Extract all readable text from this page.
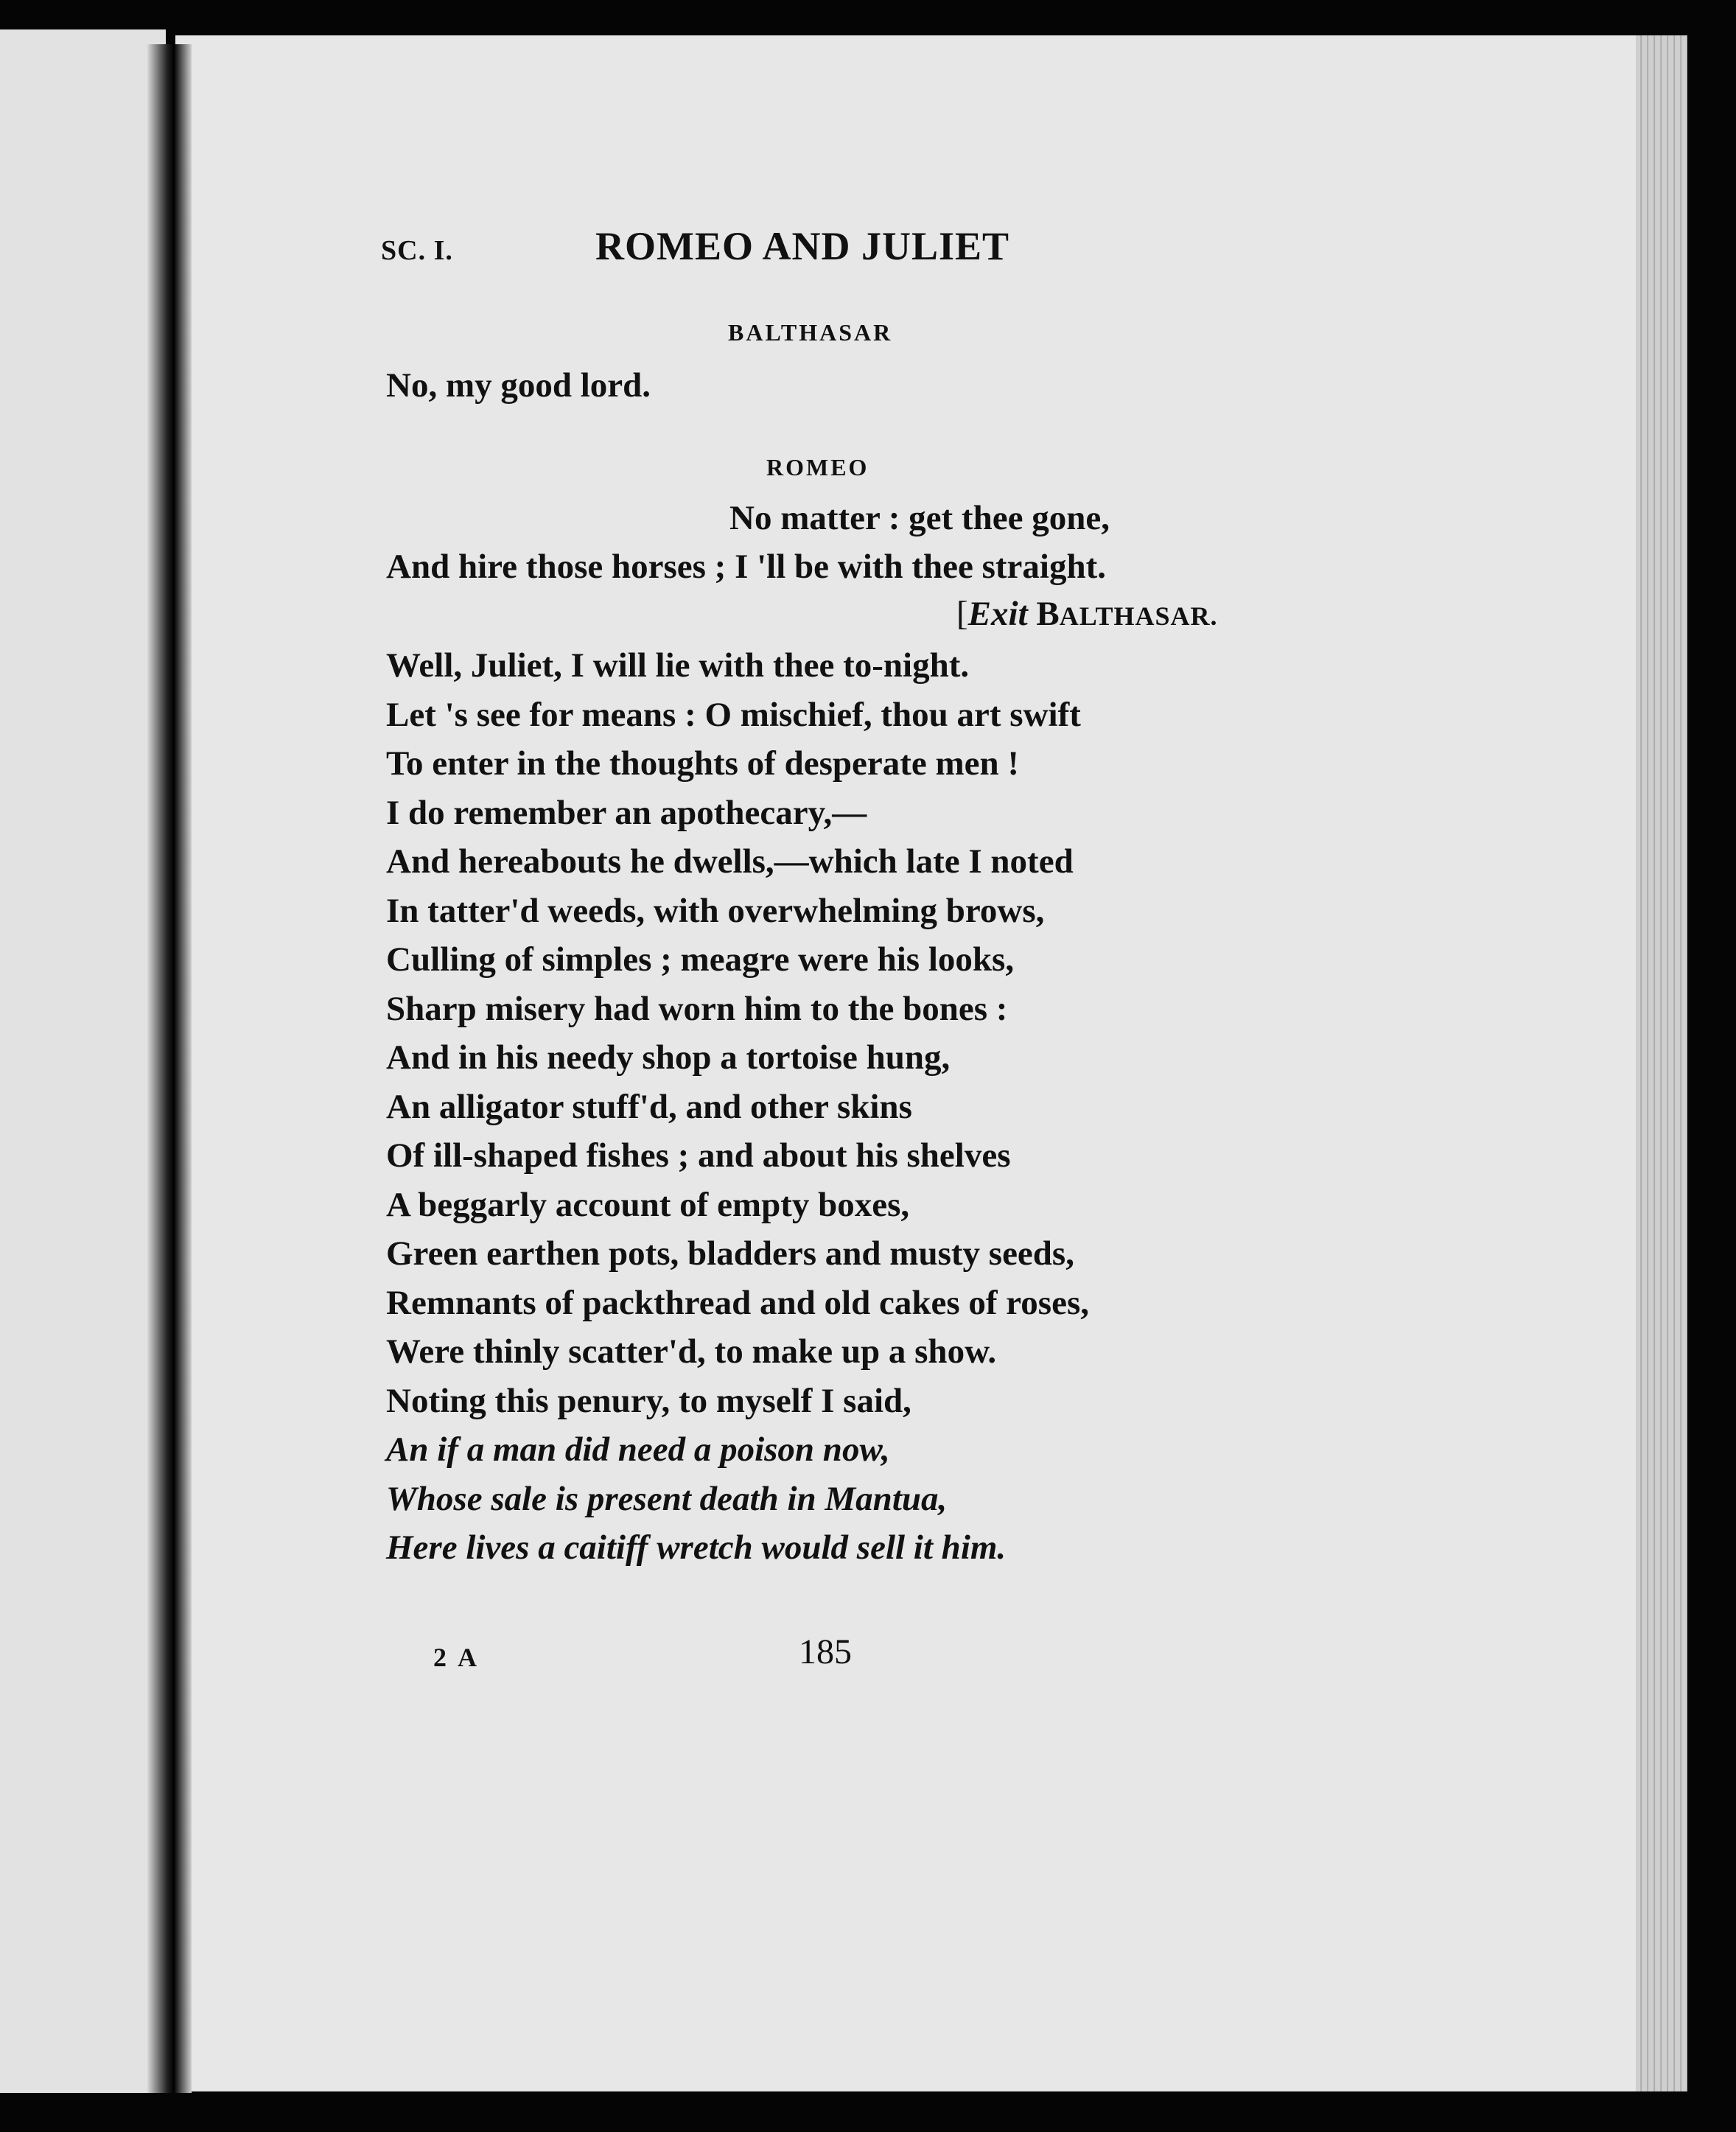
SC. I.	ROMEO AND JULIET
BALTHASAR
No, my good lord.
ROMEO
No matter : get thee gone,
And hire those horses ; I 'll be with thee straight.
[Exit BALTHASAR.
Well, Juliet, I will lie with thee to-night.
Let 's see for means : O mischief, thou art swift
To enter in the thoughts of desperate men !
I do remember an apothecary,—
And hereabouts he dwells,—which late I noted
In tatter'd weeds, with overwhelming brows,
Culling of simples ; meagre were his looks,
Sharp misery had worn him to the bones :
And in his needy shop a tortoise hung,
An alligator stuff'd, and other skins
Of ill-shaped fishes ; and about his shelves
A beggarly account of empty boxes,
Green earthen pots, bladders and musty seeds,
Remnants of packthread and old cakes of roses,
Were thinly scatter'd, to make up a show.
Noting this penury, to myself I said,
An if a man did need a poison now,
Whose sale is present death in Mantua,
Here lives a caitiff wretch would sell it him.
2 A	185
